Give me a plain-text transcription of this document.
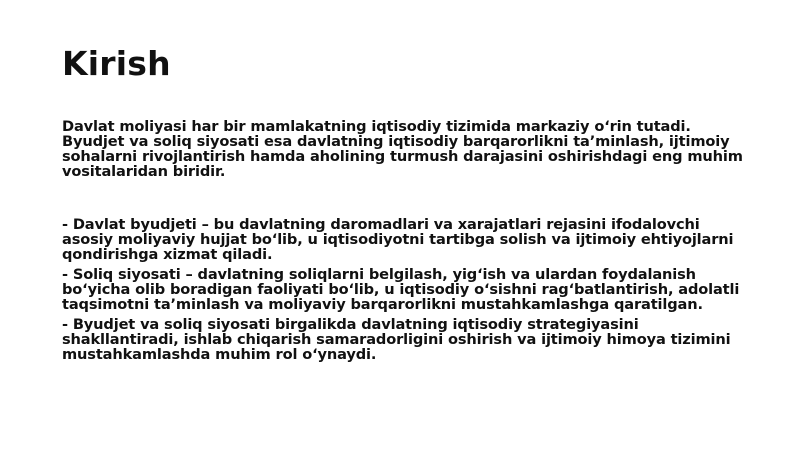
Kirish

Davlat moliyasi har bir mamlakatning iqtisodiy tizimida markaziy oʻrin tutadi. Byudjet va soliq siyosati esa davlatning iqtisodiy barqarorlikni taʼminlash, ijtimoiy sohalarni rivojlantirish hamda aholining turmush darajasini oshirishdagi eng muhim vositalaridan biridir.

- Davlat byudjeti – bu davlatning daromadlari va xarajatlari rejasini ifodalovchi asosiy moliyaviy hujjat boʻlib, u iqtisodiyotni tartibga solish va ijtimoiy ehtiyojlarni qondirishga xizmat qiladi.

- Soliq siyosati – davlatning soliqlarni belgilash, yigʻish va ulardan foydalanish boʻyicha olib boradigan faoliyati boʻlib, u iqtisodiy oʻsishni ragʻbatlantirish, adolatli taqsimotni taʼminlash va moliyaviy barqarorlikni mustahkamlashga qaratilgan.

- Byudjet va soliq siyosati birgalikda davlatning iqtisodiy strategiyasini shakllantiradi, ishlab chiqarish samaradorligini oshirish va ijtimoiy himoya tizimini mustahkamlashda muhim rol oʻynaydi.
